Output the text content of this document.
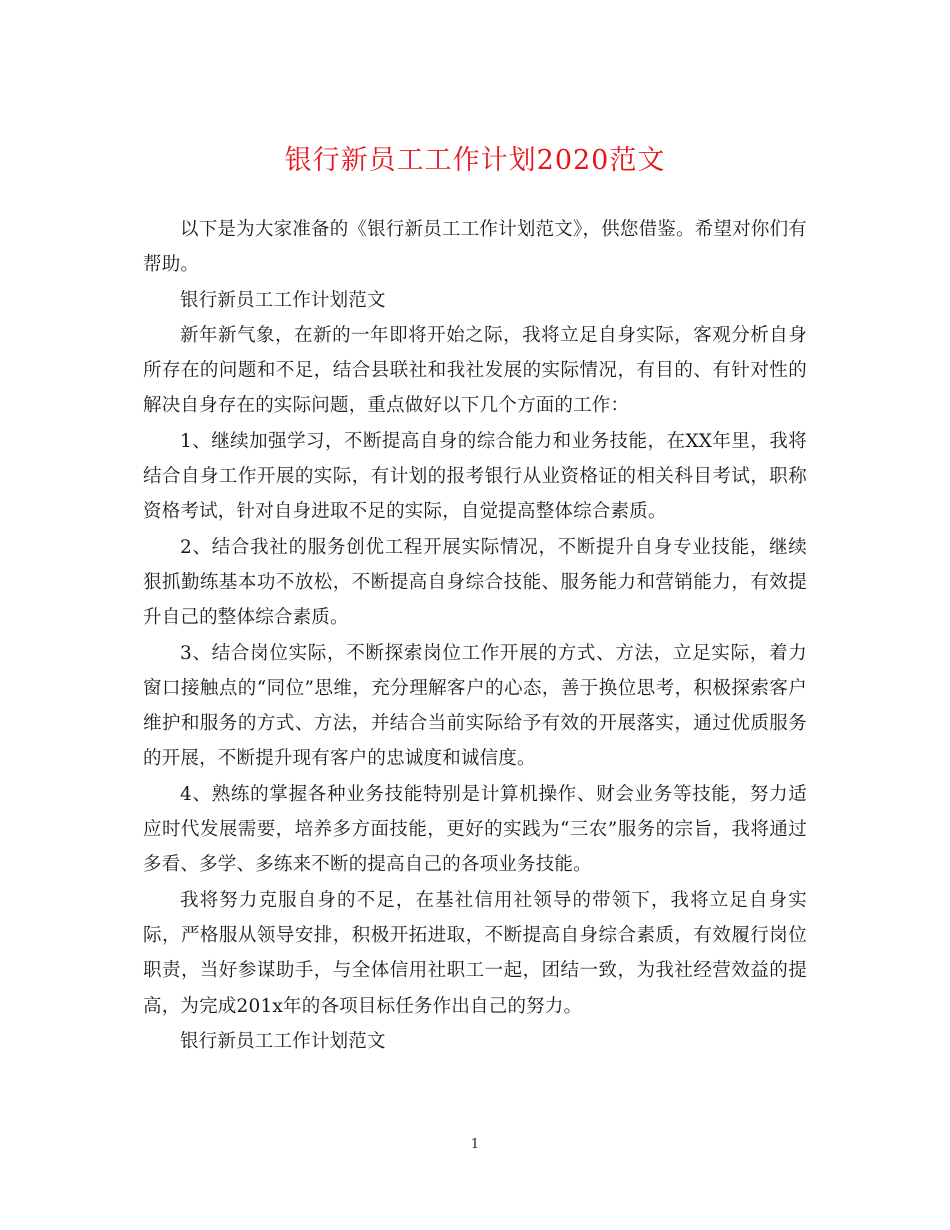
银行新员工工作计划2020范文

以下是为大家准备的《银行新员工工作计划范文》，供您借鉴。希望对你们有帮助。

银行新员工工作计划范文

新年新气象，在新的一年即将开始之际，我将立足自身实际，客观分析自身所存在的问题和不足，结合县联社和我社发展的实际情况，有目的、有针对性的解决自身存在的实际问题，重点做好以下几个方面的工作：

1、继续加强学习，不断提高自身的综合能力和业务技能，在XX年里，我将结合自身工作开展的实际，有计划的报考银行从业资格证的相关科目考试，职称资格考试，针对自身进取不足的实际，自觉提高整体综合素质。

2、结合我社的服务创优工程开展实际情况，不断提升自身专业技能，继续狠抓勤练基本功不放松，不断提高自身综合技能、服务能力和营销能力，有效提升自己的整体综合素质。

3、结合岗位实际，不断探索岗位工作开展的方式、方法，立足实际，着力窗口接触点的“同位”思维，充分理解客户的心态，善于换位思考，积极探索客户维护和服务的方式、方法，并结合当前实际给予有效的开展落实，通过优质服务的开展，不断提升现有客户的忠诚度和诚信度。

4、熟练的掌握各种业务技能特别是计算机操作、财会业务等技能，努力适应时代发展需要，培养多方面技能，更好的实践为“三农”服务的宗旨，我将通过多看、多学、多练来不断的提高自己的各项业务技能。

我将努力克服自身的不足，在基社信用社领导的带领下，我将立足自身实际，严格服从领导安排，积极开拓进取，不断提高自身综合素质，有效履行岗位职责，当好参谋助手，与全体信用社职工一起，团结一致，为我社经营效益的提高，为完成201x年的各项目标任务作出自己的努力。

银行新员工工作计划范文

1
